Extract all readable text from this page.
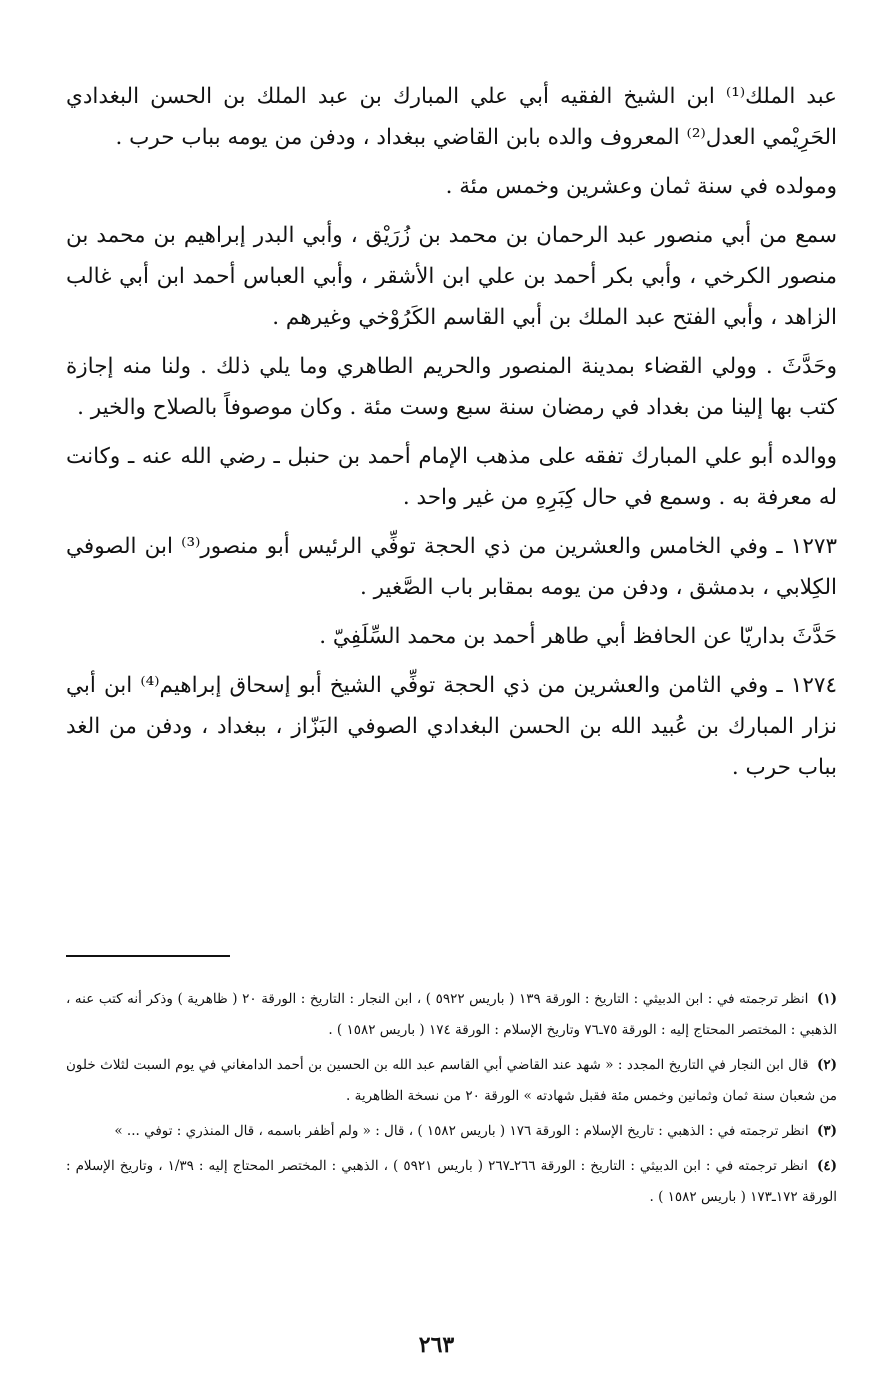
عبد الملك⁽¹⁾ ابن الشيخ الفقيه أبي علي المبارك بن عبد الملك بن الحسن البغدادي الحَرِيْمي العدل⁽²⁾ المعروف والده بابن القاضي ببغداد ، ودفن من يومه بباب حرب .

ومولده في سنة ثمان وعشرين وخمس مئة .

سمع من أبي منصور عبد الرحمان بن محمد بن زُرَيْق ، وأبي البدر إبراهيم بن محمد بن منصور الكرخي ، وأبي بكر أحمد بن علي ابن الأشقر ، وأبي العباس أحمد ابن أبي غالب الزاهد ، وأبي الفتح عبد الملك بن أبي القاسم الكَرُوْخي وغيرهم .

وحَدَّثَ . وولي القضاء بمدينة المنصور والحريم الطاهري وما يلي ذلك . ولنا منه إجازة كتب بها إلينا من بغداد في رمضان سنة سبع وست مئة . وكان موصوفاً بالصلاح والخير .

ووالده أبو علي المبارك تفقه على مذهب الإمام أحمد بن حنبل ـ رضي الله عنه ـ وكانت له معرفة به . وسمع في حال كِبَرِهِ من غير واحد .

١٢٧٣ ـ وفي الخامس والعشرين من ذي الحجة توفِّي الرئيس أبو منصور⁽³⁾ ابن الصوفي الكِلابي ، بدمشق ، ودفن من يومه بمقابر باب الصَّغير .

حَدَّثَ بداريّا عن الحافظ أبي طاهر أحمد بن محمد السِّلَفِيّ .

١٢٧٤ ـ وفي الثامن والعشرين من ذي الحجة توفِّي الشيخ أبو إسحاق إبراهيم⁽⁴⁾ ابن أبي نزار المبارك بن عُبيد الله بن الحسن البغدادي الصوفي البَزّاز ، ببغداد ، ودفن من الغد بباب حرب .

(١) انظر ترجمته في : ابن الدبيثي : التاريخ : الورقة ١٣٩ ( باريس ٥٩٢٢ ) ، ابن النجار : التاريخ : الورقة ٢٠ ( ظاهرية ) وذكر أنه كتب عنه ، الذهبي : المختصر المحتاج إليه : الورقة ٧٥ـ٧٦ وتاريخ الإسلام : الورقة ١٧٤ ( باريس ١٥٨٢ ) .

(٢) قال ابن النجار في التاريخ المجدد : « شهد عند القاضي أبي القاسم عبد الله بن الحسين بن أحمد الدامغاني في يوم السبت لثلاث خلون من شعبان سنة ثمان وثمانين وخمس مئة فقبل شهادته » الورقة ٢٠ من نسخة الظاهرية .

(٣) انظر ترجمته في : الذهبي : تاريخ الإسلام : الورقة ١٧٦ ( باريس ١٥٨٢ ) ، قال : « ولم أظفر باسمه ، قال المنذري : توفي ... »

(٤) انظر ترجمته في : ابن الدبيثي : التاريخ : الورقة ٢٦٦ـ٢٦٧ ( باريس ٥٩٢١ ) ، الذهبي : المختصر المحتاج إليه : ١/٣٩ ، وتاريخ الإسلام : الورقة ١٧٢ـ١٧٣ ( باريس ١٥٨٢ ) .

٢٦٣
